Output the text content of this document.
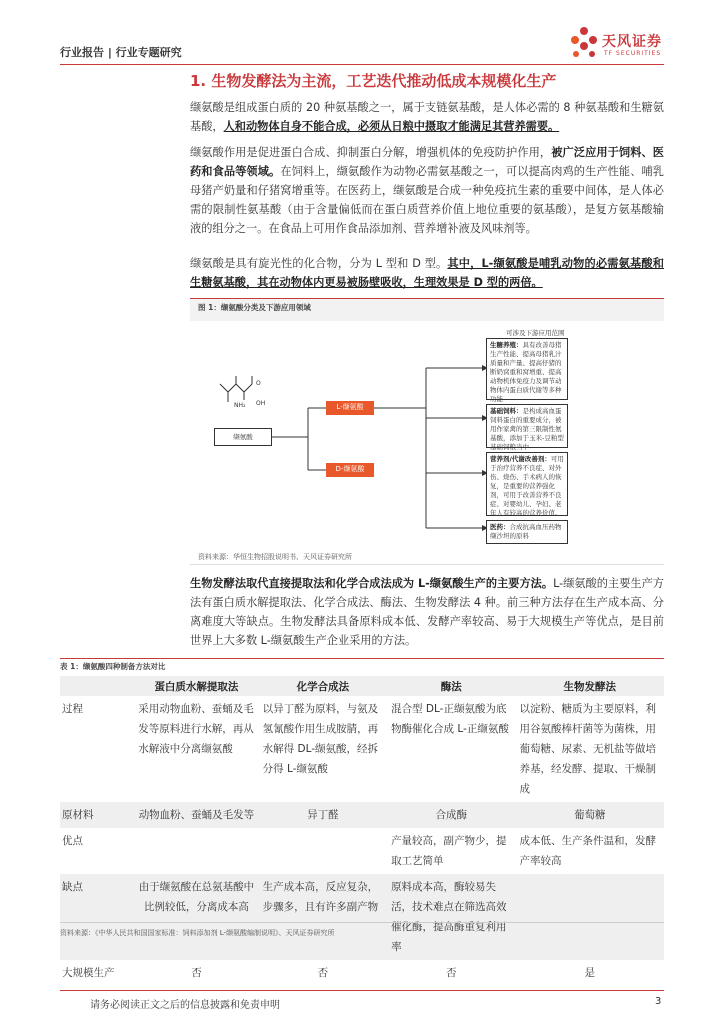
行业报告 | 行业专题研究
天风证券
TF SECURITIES
1. 生物发酵法为主流，工艺迭代推动低成本规模化生产
缬氨酸是组成蛋白质的 20 种氨基酸之一，属于支链氨基酸，是人体必需的 8 种氨基酸和生糖氨基酸，人和动物体自身不能合成，必须从日粮中摄取才能满足其营养需要。
缬氨酸作用是促进蛋白合成、抑制蛋白分解，增强机体的免疫防护作用，被广泛应用于饲料、医药和食品等领域。在饲料上，缬氨酸作为动物必需氨基酸之一，可以提高肉鸡的生产性能、哺乳母猪产奶量和仔猪窝增重等。在医药上，缬氨酸是合成一种免疫抗生素的重要中间体，是人体必需的限制性氨基酸（由于含量偏低而在蛋白质营养价值上地位重要的氨基酸），是复方氨基酸输液的组分之一。在食品上可用作食品添加剂、营养增补液及风味剂等。
缬氨酸是具有旋光性的化合物，分为 L 型和 D 型。其中，L-缬氨酸是哺乳动物的必需氨基酸和生糖氨基酸，其在动物体内更易被肠壁吸收，生理效果是 D 型的两倍。
图 1：缬氨酸分类及下游应用领域
NH₂ OH
O
缬氨酸
L-缬氨酸
D-缬氨酸
可涉及下游应用范围
生糖养殖：具有改善母猪生产性能、提高母猪乳汁质量和产量、提高仔猪的断奶窝重和窝增重、提高动物机体免疫力及调节动物体内蛋白质代谢等多种功能
基础饲料：是构成高血蛋饲料蛋白的重要成分，被用作家禽的第三限制性氨基酸，添加于玉米-豆粕型基础饲粮当中
营养剂/代谢改善剂：可用于治疗营养不良症、对外伤、烧伤、手术病人的恢复，是重要的营养强化剂，可用于改善营养不良症、对婴幼儿、孕妇、老年人有较高的营养价值。
医药：合成抗高血压药物缬沙坦的原料
资料来源：华恒生物招股说明书、天风证券研究所
生物发酵法取代直接提取法和化学合成法成为 L-缬氨酸生产的主要方法。L-缬氨酸的主要生产方法有蛋白质水解提取法、化学合成法、酶法、生物发酵法 4 种。前三种方法存在生产成本高、分离难度大等缺点。生物发酵法具备原料成本低、发酵产率较高、易于大规模生产等优点，是目前世界上大多数 L-缬氨酸生产企业采用的方法。
表 1：缬氨酸四种制备方法对比
	蛋白质水解提取法	化学合成法	酶法	生物发酵法
过程	采用动物血粉、蚕蛹及毛发等原料进行水解，再从水解液中分离缬氨酸	以异丁醛为原料，与氨及氢氰酸作用生成胺腈，再水解得 DL-缬氨酸，经拆分得 L-缬氨酸	混合型 DL-正缬氨酸为底物酶催化合成 L-正缬氨酸	以淀粉、糖质为主要原料，利用谷氨酸棒杆菌等为菌株，用葡萄糖、尿素、无机盐等做培养基，经发酵、提取、干燥制成
原材料	动物血粉、蚕蛹及毛发等	异丁醛	合成酶	葡萄糖
优点			产量较高，副产物少，提取工艺简单	成本低、生产条件温和，发酵产率较高
缺点	由于缬氨酸在总氨基酸中比例较低，分离成本高	生产成本高，反应复杂，步骤多，且有许多副产物	原料成本高，酶较易失活，技术难点在筛选高效催化酶，提高酶重复利用率	
大规模生产	否	否	否	是
资料来源：《中华人民共和国国家标准：饲料添加剂 L-缬氨酸编制说明》、天风证券研究所
请务必阅读正文之后的信息披露和免责申明	3
